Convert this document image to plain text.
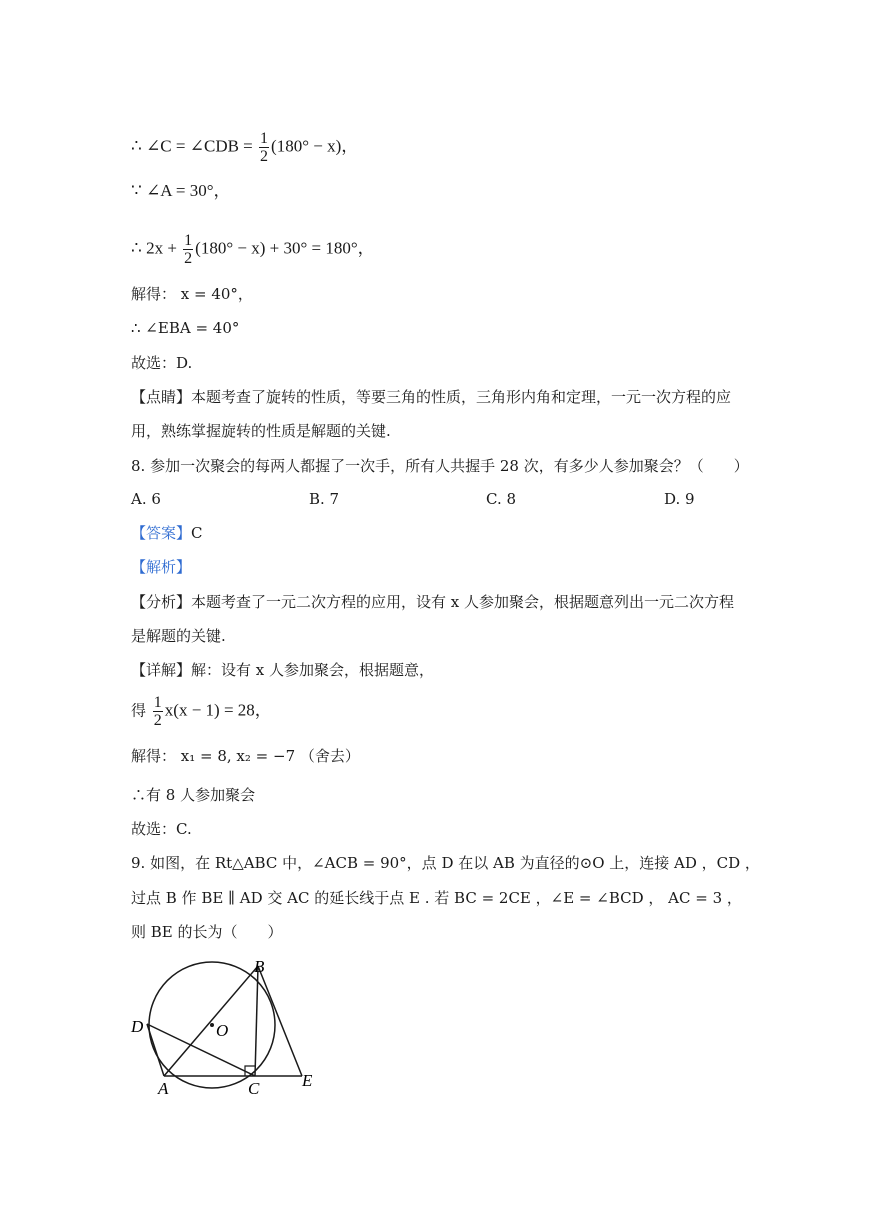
∴ ∠C = ∠CDB = $\frac{1}{2} (180^\circ - x)$，
∵ ∠A = 30°，
∴ $2x + \frac{1}{2} (180^\circ - x) + 30^\circ = 180^\circ$，
解得： x = 40°，
∴ ∠EBA = 40°
故选：D.
【点睛】本题考查了旋转的性质，等要三角的性质，三角形内角和定理，一元一次方程的应
用，熟练掌握旋转的性质是解题的关键.
8. 参加一次聚会的每两人都握了一次手，所有人共握手 28 次，有多少人参加聚会？（　　）
A. 6	B. 7	C. 8	D. 9
【答案】C
【解析】
【分析】本题考查了一元二次方程的应用，设有 x 人参加聚会，根据题意列出一元二次方程
是解题的关键.
【详解】解：设有 x 人参加聚会，根据题意，
得 $\frac{1}{2} x(x - 1) = 28$，
解得： x₁ = 8, x₂ = −7 （舍去）
∴有 8 人参加聚会
故选：C.
9. 如图，在 Rt△ABC 中，∠ACB = 90°，点 D 在以 AB 为直径的⊙O 上，连接 AD ，CD ，
过点 B 作 BE ∥ AD 交 AC 的延长线于点 E . 若 BC = 2CE ，∠E = ∠BCD ， AC = 3 ，
则 BE 的长为（　　）
B
D	O
A	C	E
